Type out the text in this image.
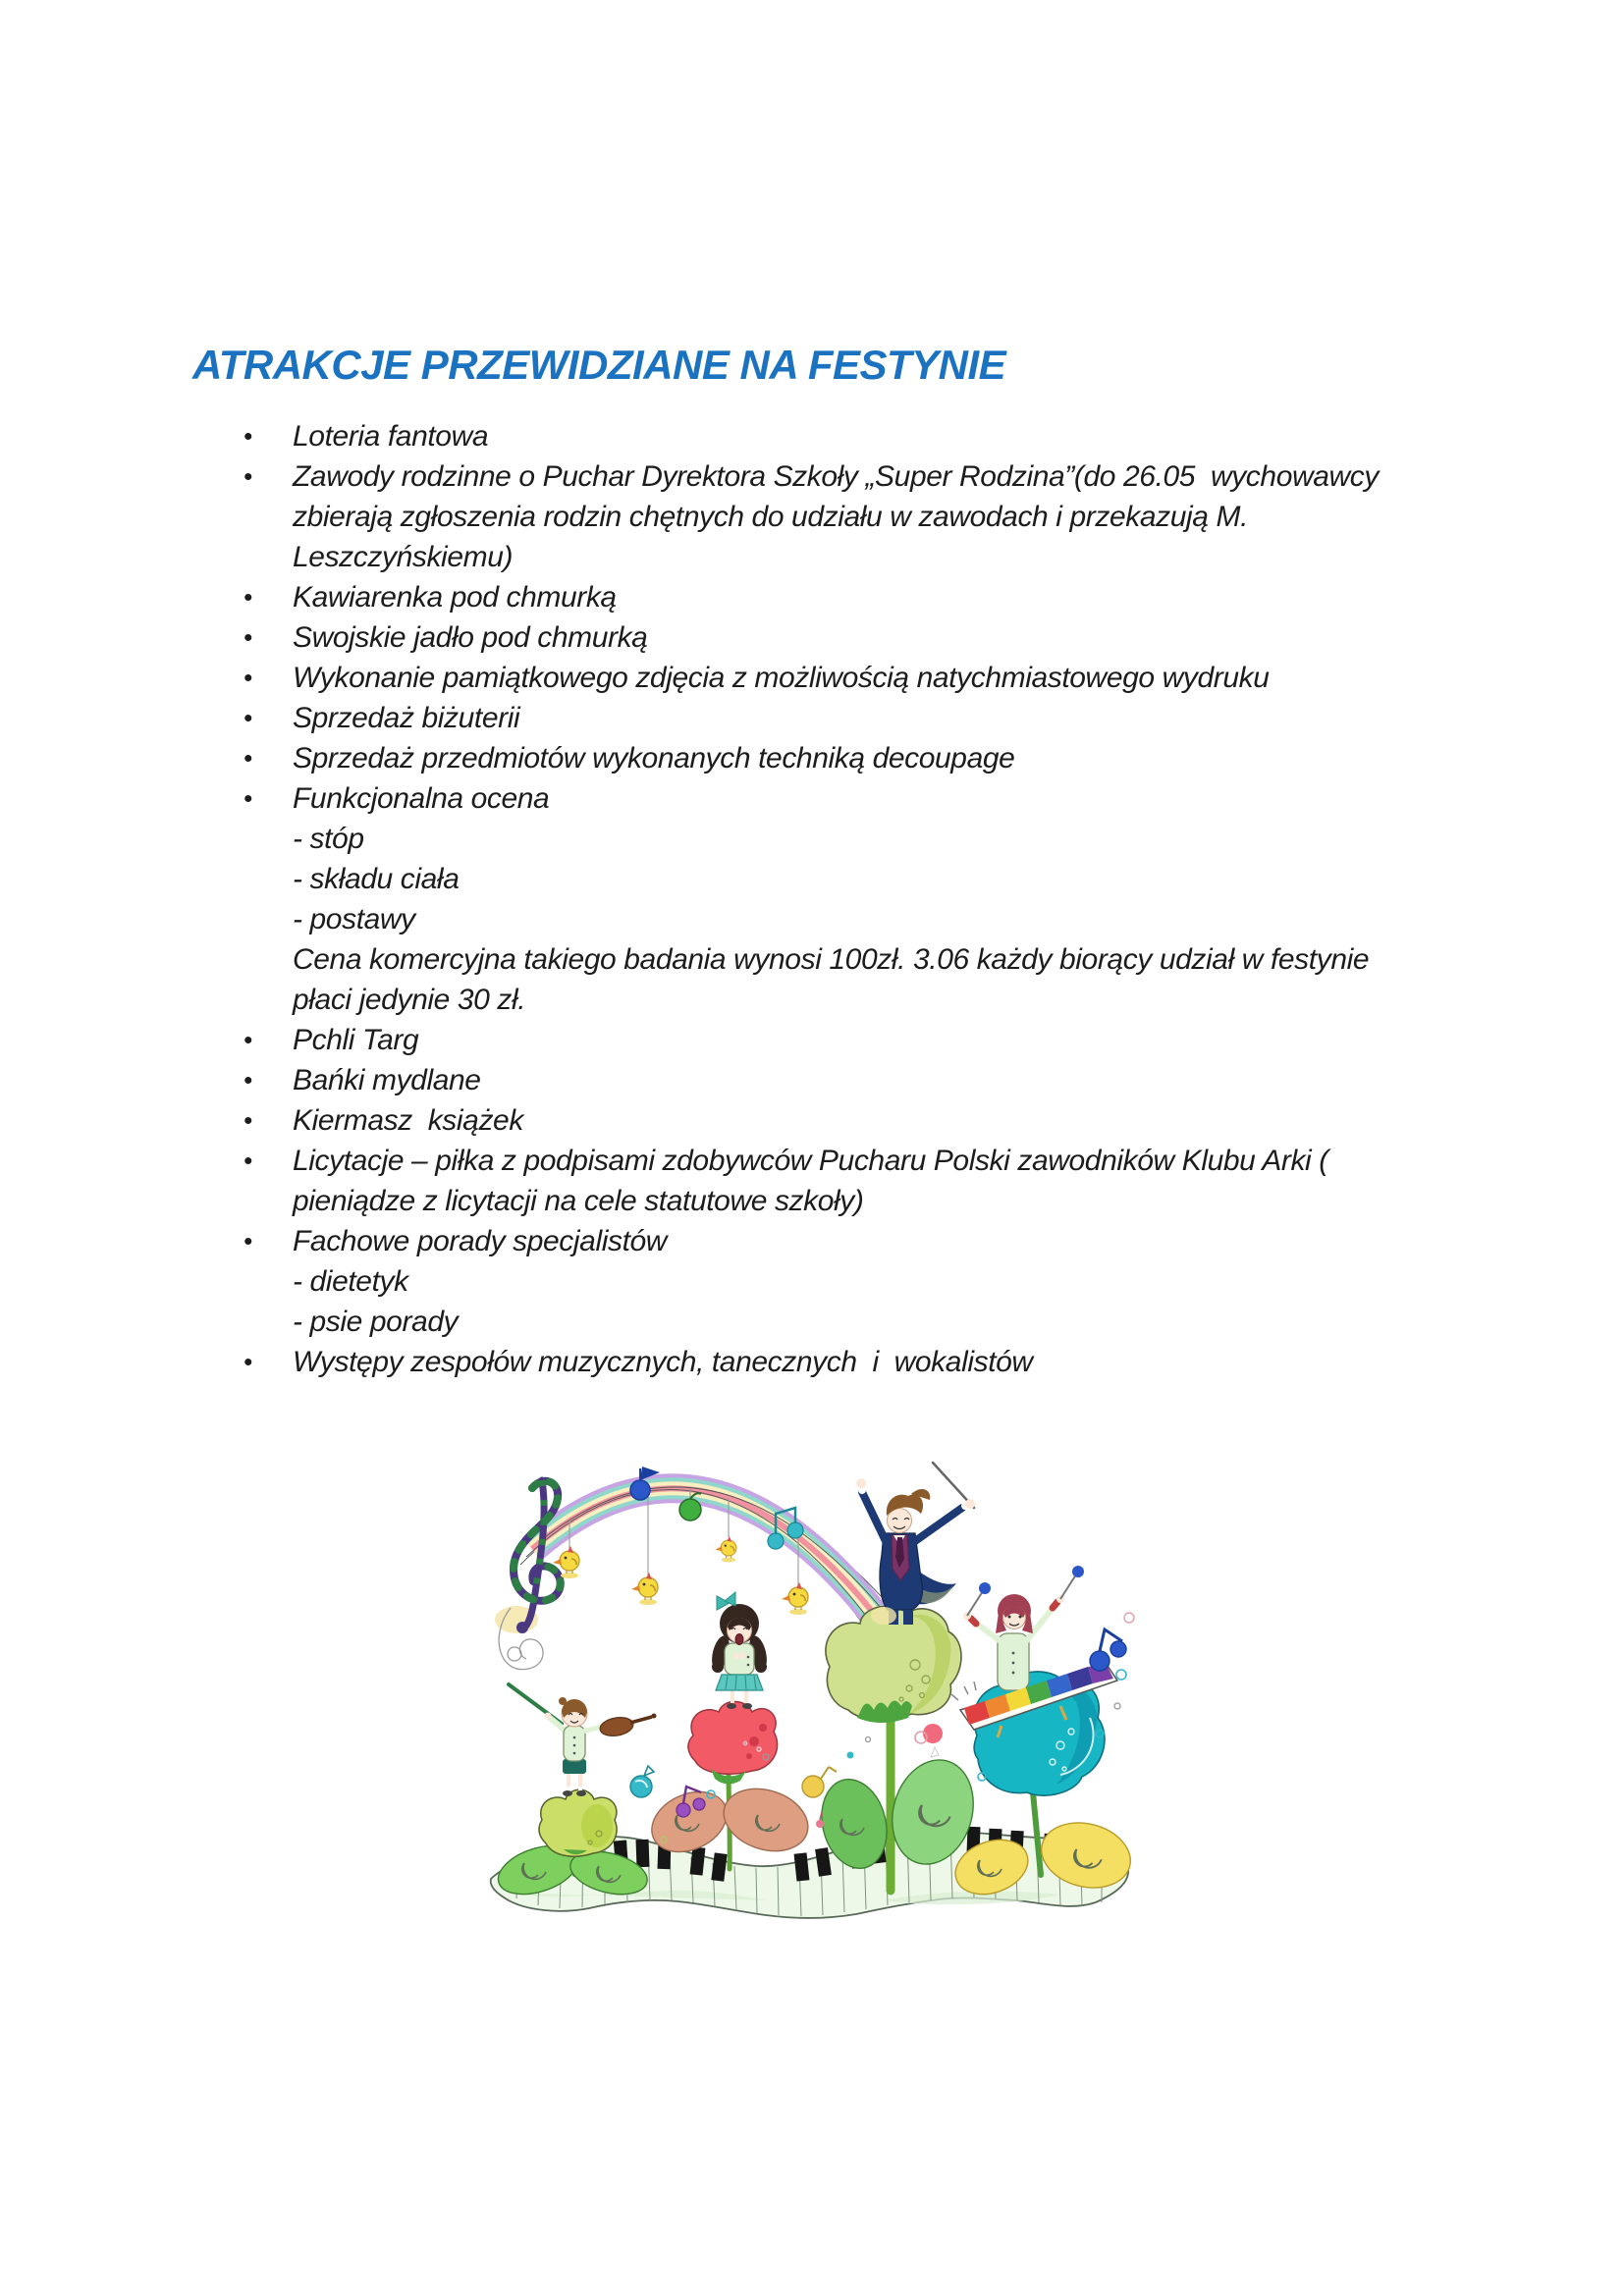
ATRAKCJE PRZEWIDZIANE NA FESTYNIE
•	Loteria fantowa
•	Zawody rodzinne o Puchar Dyrektora Szkoły „Super Rodzina”(do 26.05  wychowawcy zbierają zgłoszenia rodzin chętnych do udziału w zawodach i przekazują M. Leszczyńskiemu)
•	Kawiarenka pod chmurką
•	Swojskie jadło pod chmurką
•	Wykonanie pamiątkowego zdjęcia z możliwością natychmiastowego wydruku
•	Sprzedaż biżuterii
•	Sprzedaż przedmiotów wykonanych techniką decoupage
•	Funkcjonalna ocena
- stóp
- składu ciała
- postawy
Cena komercyjna takiego badania wynosi 100zł. 3.06 każdy biorący udział w festynie płaci jedynie 30 zł.
•	Pchli Targ
•	Bańki mydlane
•	Kiermasz  książek
•	Licytacje – piłka z podpisami zdobywców Pucharu Polski zawodników Klubu Arki ( pieniądze z licytacji na cele statutowe szkoły)
•	Fachowe porady specjalistów
- dietetyk
- psie porady
•	Występy zespołów muzycznych, tanecznych  i  wokalistów
